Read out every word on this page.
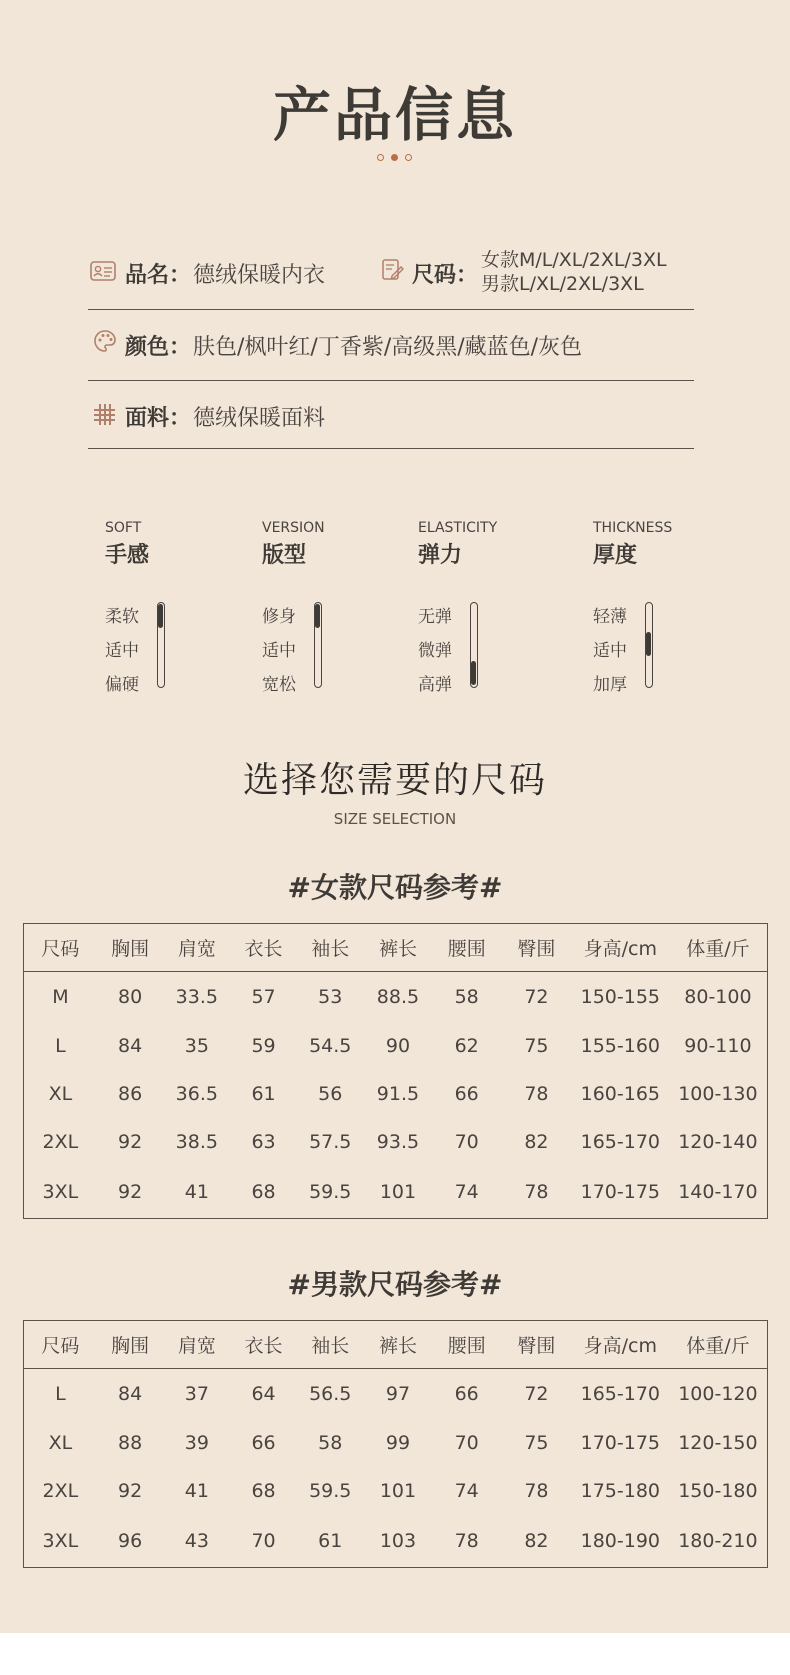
产品信息
品名： 德绒保暖内衣	尺码：
女款M/L/XL/2XL/3XL
男款L/XL/2XL/3XL
颜色： 肤色/枫叶红/丁香紫/高级黑/藏蓝色/灰色
面料： 德绒保暖面料
SOFT
手感
柔软
适中
偏硬
VERSION
版型
修身
适中
宽松
ELASTICITY
弹力
无弹
微弹
高弹
THICKNESS
厚度
轻薄
适中
加厚
选择您需要的尺码
SIZE SELECTION
#女款尺码参考#
尺码	胸围	肩宽	衣长	袖长	裤长	腰围	臀围	身高/cm	体重/斤
M	80	33.5	57	53	88.5	58	72	150-155	80-100
L	84	35	59	54.5	90	62	75	155-160	90-110
XL	86	36.5	61	56	91.5	66	78	160-165	100-130
2XL	92	38.5	63	57.5	93.5	70	82	165-170	120-140
3XL	92	41	68	59.5	101	74	78	170-175	140-170
#男款尺码参考#
尺码	胸围	肩宽	衣长	袖长	裤长	腰围	臀围	身高/cm	体重/斤
L	84	37	64	56.5	97	66	72	165-170	100-120
XL	88	39	66	58	99	70	75	170-175	120-150
2XL	92	41	68	59.5	101	74	78	175-180	150-180
3XL	96	43	70	61	103	78	82	180-190	180-210
